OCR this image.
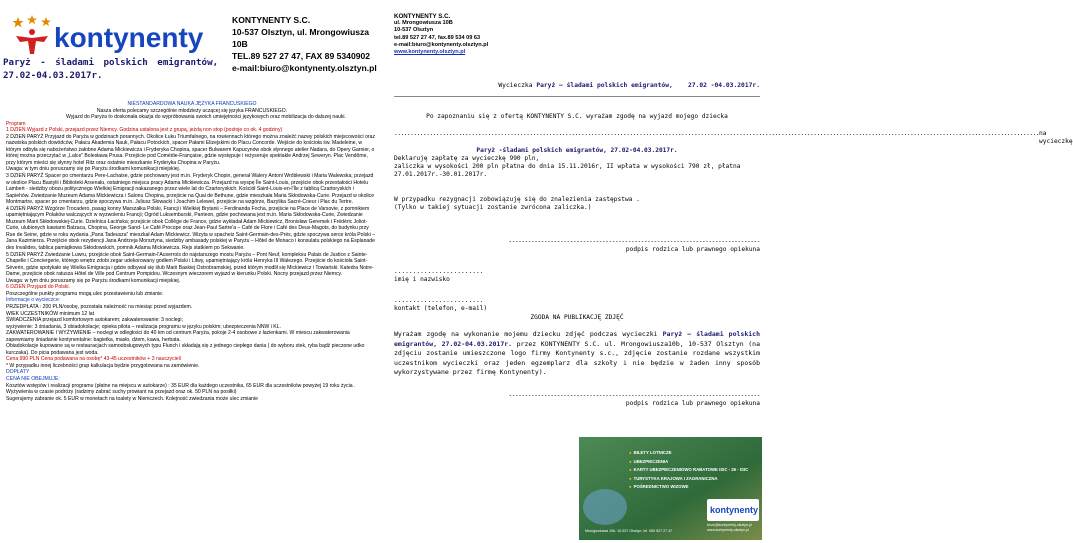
kontynenty
KONTYNENTY S.C.
10-537 Olsztyn, ul. Mrongowiusza 10B
TEL.89 527 27 47, FAX 89 5340902
e-mail:biuro@kontynenty.olsztyn.pl
Paryż - śladami polskich emigrantów,
27.02-04.03.2017r.

NIESTANDARDOWA NAUKA JĘZYKA FRANCUSKIEGO

Nasza oferta polecamy szczególnie młodzieży uczącej się języka FRANCUSKIEGO.

Wyjazd do Paryża to doskonała okazja do wypróbowania swoich umiejętności językowych oraz mobilizacja do dalszej nauki.

Program

1 DZIEŃ Wyjazd z Polski, przejazd przez Niemcy. Godzina ustalona jest z grupą, jeżdą non stop (postoje co ok. 4 godziny)

2 DZIEŃ PARYŻ Przyjazd do Paryża w godzinach porannych. Okolice Łuku Triumfalnego, na rowiennach którego można znaleźć nazwy polskich miejscowości oraz nazwiska polskich dowódców, Pałacu Akademia Nauk, Pałacu Potockich, spacer Pałami Elizejskimi do Placu Concorde. Wejście do kościoła św. Madeleine, w którym odbyła się nabożeństwo żałobne Adama Mickiewicza i Fryderyka Chopina, spacer Bulwarem Kapucynów obok słynnego atelier Nadara, do Opery Garnier, o której można przeczytać w „Lalce” Bolesława Prusa. Przejście pod Comédie-Française, gdzie występuje i reżyseruje spektakle Andrzej Seweryn. Plac Vendôme, przy którym mieści się słynny hotel Ritz oraz ostatnie mieszkanie Fryderyka Chopina w Paryżu.

Uwaga: w tym dniu poruszamy się po Paryżu środkami komunikacji miejskiej.

3 DZIEŃ PARYŻ Spacer po cmentarzu Pere-Lachaise, gdzie pochowany jest m.in. Fryderyk Chopin, generał Walery Antoni Wróblewski i Maria Walewska; przejazd w okolice Placu Bastylii i Biblioteki Arsenału, ostatniego miejsca pracy Adama Mickiewicza. Przejazd na wyspę Île Saint-Louis, przejście obok przestałości Hotelu Lambert - siedziby obozu politycznego Wielkiej Emigracji nakazanego przez wiele lat do Czartoryskich. Kościół Saint-Louis-en-l'Île z tablicą Czartoryskich i Sapiehów. Zwiedzanie Muzeum Adama Mickiewicza i Salonu Chopina, przejście na Quai de Bethune, gdzie mieszkała Maria Skłodowska-Curie. Przejazd w okolice Montmartre, spacer po cmentarzu, gdzie spoczywa m.in. Juliusz Słowacki i Joachim Lelewel, przejście na wzgórze, Bazylika Sacré-Coeur i Plac du Tertre.

4 DZIEŃ PARYŻ Wzgórze Trocadero, pasąg konny Marszałka Polski, Francji i Wielkiej Brytanii – Ferdinanda Focha, przejście na Place de Varsovie, z pomnikiem upamiętniającym Polaków walczących w wyzwoleniu Francji; Ogród Luksemburski, Panteon, gdzie pochowana jest m.in. Maria Skłodowska-Curie, Zwiedzanie Muzeum Marii Skłodowskiej-Curie. Dzielnica Łacińska; przejście obok Collège de France, gdzie wykładał Adam Mickiewicz, Bronisław Geremek i Frédéric Joliot-Curie, ulubionych kawiarni Balzaca, Chopina, George Sand- Le Café Procope oraz Jean-Paul Sartre'a – Café de Flore i Café des Deux-Magots, do budynku przy Rue de Seine, gdzie w roku wydania „Pana Tadeusza” mieszkał Adam Mickiewicz. Wizyta w spacheiz Saint-Germain-des-Prés, gdzie spoczywa serce króla Polski – Jana Kazimierza. Przejście obok rezydencji Jana Andrzeja Morsztyna, siedziby ambasady polskiej w Paryżu – Hôtel de Monaco i konsulatu polskiego na Esplanade des Invalides, tablica pamiątkowa Skłodowskich, pomnik Adama Mickiewicza. Rejs statkiem po Sekwanie.

5 DZIEŃ PARYŻ Zwiedzanie Luwru, przejście obok Saint-Germain-l'Auxerrois do najstarszego mostu Paryża – Pont Neuf, kompleksu Palais de Justice z Sainte-Chapelle i Conciergerie, którego wnętrz zdobi zegar udekorowany godłem Polski i Litwy, upamiętniający króla Henryka III Walezego. Przejście do kościoła Saint-Séverin, gdzie spotykało się Wielka Emigracja i gdzie odbywał się ślub Marii Baskiej Ostrobramskiej, przed którym modlił się Mickiewicz i Towiański. Katedra Notre-Dame, przejście obok ratusza Hôtel de Ville pod Centrum Pompidou. Wczesnym wieczorem wyjazd w kierunku Polski. Nocny przejazd przez Niemcy.

Uwaga: w tym dniu poruszamy się po Paryżu środkami komunikacji miejskiej.

6 DZIEŃ Przyjazd do Polski.

Poszczególne punkty programu mogą ulec przestawieniu lub zmianie.

Informacje o wycieczce:

PRZEDPŁATA : 200 PLN/osobę, pozostała należność na miesiąc przed wyjazdem.

WIEK UCZESTNIKÓW minimum 12 lat

ŚWIADCZENIA przejazd komfortowym autokarem; zakwaterowanie: 3 noclegi;

wyżywienie: 3 śniadania, 3 obiadokolacje; opieka pilota – realizacja programu w języku polskim; ubezpieczenia NNW i KL.

ZAKWATEROWANIE I WYŻYWIENIE – noclegi w odległości do 40 km od centrum Paryża, pokoje 2-4 osobowe z łazienkami. W miescu zakwaterowania zapewniamy śniadanie kontynentalne: bagietka, masło, dżem, kawa, herbata.

Obiadokolacje kupowane są w restauracjach samoobsługowych typu Flunch i składają się z jednego ciepłego dania ( do wyboru stek, ryba bądź pieczone udko kurczaka). Do picia podawana jest woda.

Cena 990 PLN Cena podawana na osobę* 43-45 uczestników + 3 nauczycieli

* W przypadku innej liczebności grup kalkulacja będzie przygotowana na zamówienie.

DOPŁATY

CENA NIE OBEJMUJE:

Kosztów wstępów i realizacji programu (płatne na miejscu w autokarze) : 35 EUR dla każdego uczestnika, 65 EUR dla uczestników powyżej 19 roku życia .

Wyżywienia w czasie podróży (radzimy zabrać suchy prowiant na przejazd oraz ok. 50 PLN na posiłki)

Sugerujemy zabranie ok. 5 EUR w monetach na toalety w Niemczech. Kolejność zwiedzania może ulec zmianie

KONTYNENTY S.C.
ul. Mrongowiusza 10B
10-537 Olsztyn
tel.89 527 27 47, fax.89 534 09 63
e-mail:biuro@kontynenty.olsztyn.pl
www.kontynenty.olsztyn.pl
Wycieczka Paryż – śladami polskich emigrantów, 27.02 -04.03.2017r.
Po zapoznaniu się z ofertą KONTYNENTY S.C. wyrażam zgodę na wyjazd mojego dziecka
........................................................................................................................................................................................................ na wycieczkę
Paryż -śladami polskich emigrantów, 27.02-04.03.2017r.
Deklaruję zapłatę za wycieczkę 990 pln,
zaliczka w wysokości 200 pln płatna do dnia 15.11.2016r, II wpłata w wysokości 790 zł, płatna 27.01.2017r.-30.01.2017r.
W przypadku rezygnacji zobowiązuję się do znalezienia zastępstwa .
(Tylko w takiej sytuacji zostanie zwrócona zaliczka.)
------------------------------------------------------------------------------
podpis rodzica lub prawnego opiekuna
........................
imię i nazwisko
........................
kontakt (telefon, e-mail)
ZGODA NA PUBLIKACJĘ ZDJĘĆ
Wyrażam zgodę na wykonanie mojemu dziecku zdjęć podczas wycieczki Paryż – śladami polskich emigrantów, 27.02-04.03.2017r. przez KONTYNENTY S.C. ul. Mrongowiusza10b, 10-537 Olsztyn (na zdjęciu zostanie umieszczone logo firmy Kontynenty s.c., zdjęcie zostanie rozdane wszystkim uczestnikom wycieczki oraz jeden egzemplarz dla szkoły i nie będzie w żaden inny sposób wykorzystywane przez firmę Kontynenty).
------------------------------------------------------------------------------
podpis rodzica lub prawnego opiekuna
kontynenty
● BILETY LOTNICZE
● UBEZPIECZENIA
● KARTY UBEZPIECZENIOWO RABATOWE ISIC - 26 - ISIC
● TURYSTYKA KRAJOWA I ZAGRANICZNA
● POŚREDNICTWO WIZOWE
Mrongowiusza 10b, 10-537 Olsztyn, tel. 089 527 27 47
biuro@kontynenty.olsztyn.pl
www.kontynenty.olsztyn.pl
